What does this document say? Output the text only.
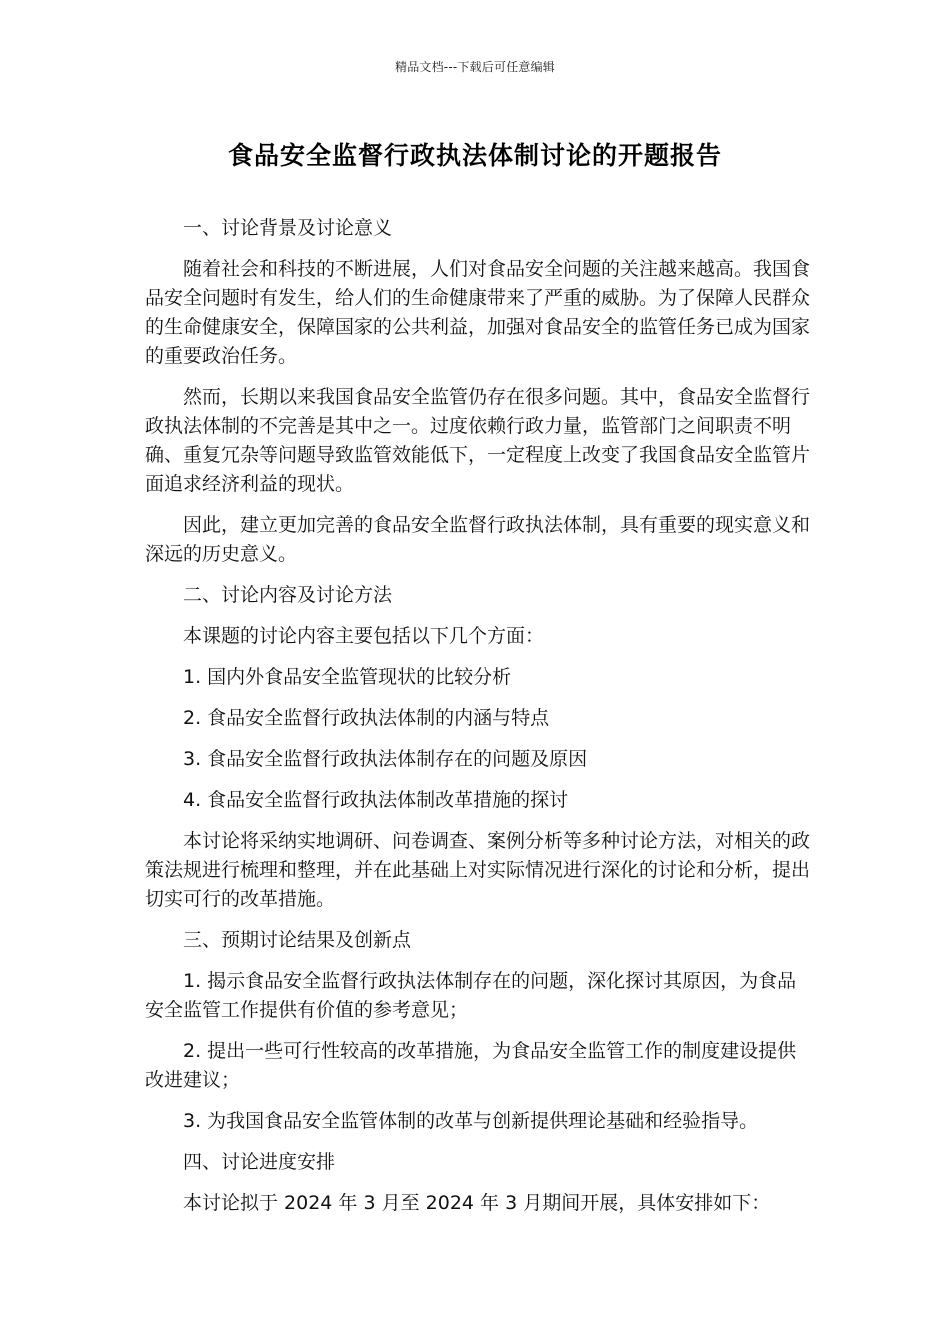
精品文档---下载后可任意编辑
食品安全监督行政执法体制讨论的开题报告

一、讨论背景及讨论意义

随着社会和科技的不断进展，人们对食品安全问题的关注越来越高。我国食品安全问题时有发生，给人们的生命健康带来了严重的威胁。为了保障人民群众的生命健康安全，保障国家的公共利益，加强对食品安全的监管任务已成为国家的重要政治任务。

然而，长期以来我国食品安全监管仍存在很多问题。其中，食品安全监督行政执法体制的不完善是其中之一。过度依赖行政力量，监管部门之间职责不明确、重复冗杂等问题导致监管效能低下，一定程度上改变了我国食品安全监管片面追求经济利益的现状。

因此，建立更加完善的食品安全监督行政执法体制，具有重要的现实意义和深远的历史意义。

二、讨论内容及讨论方法

本课题的讨论内容主要包括以下几个方面：

1. 国内外食品安全监管现状的比较分析

2. 食品安全监督行政执法体制的内涵与特点

3. 食品安全监督行政执法体制存在的问题及原因

4. 食品安全监督行政执法体制改革措施的探讨

本讨论将采纳实地调研、问卷调查、案例分析等多种讨论方法，对相关的政策法规进行梳理和整理，并在此基础上对实际情况进行深化的讨论和分析，提出切实可行的改革措施。

三、预期讨论结果及创新点

1. 揭示食品安全监督行政执法体制存在的问题，深化探讨其原因，为食品安全监管工作提供有价值的参考意见；

2. 提出一些可行性较高的改革措施，为食品安全监管工作的制度建设提供改进建议；

3. 为我国食品安全监管体制的改革与创新提供理论基础和经验指导。

四、讨论进度安排

本讨论拟于 2024 年 3 月至 2024 年 3 月期间开展，具体安排如下：
